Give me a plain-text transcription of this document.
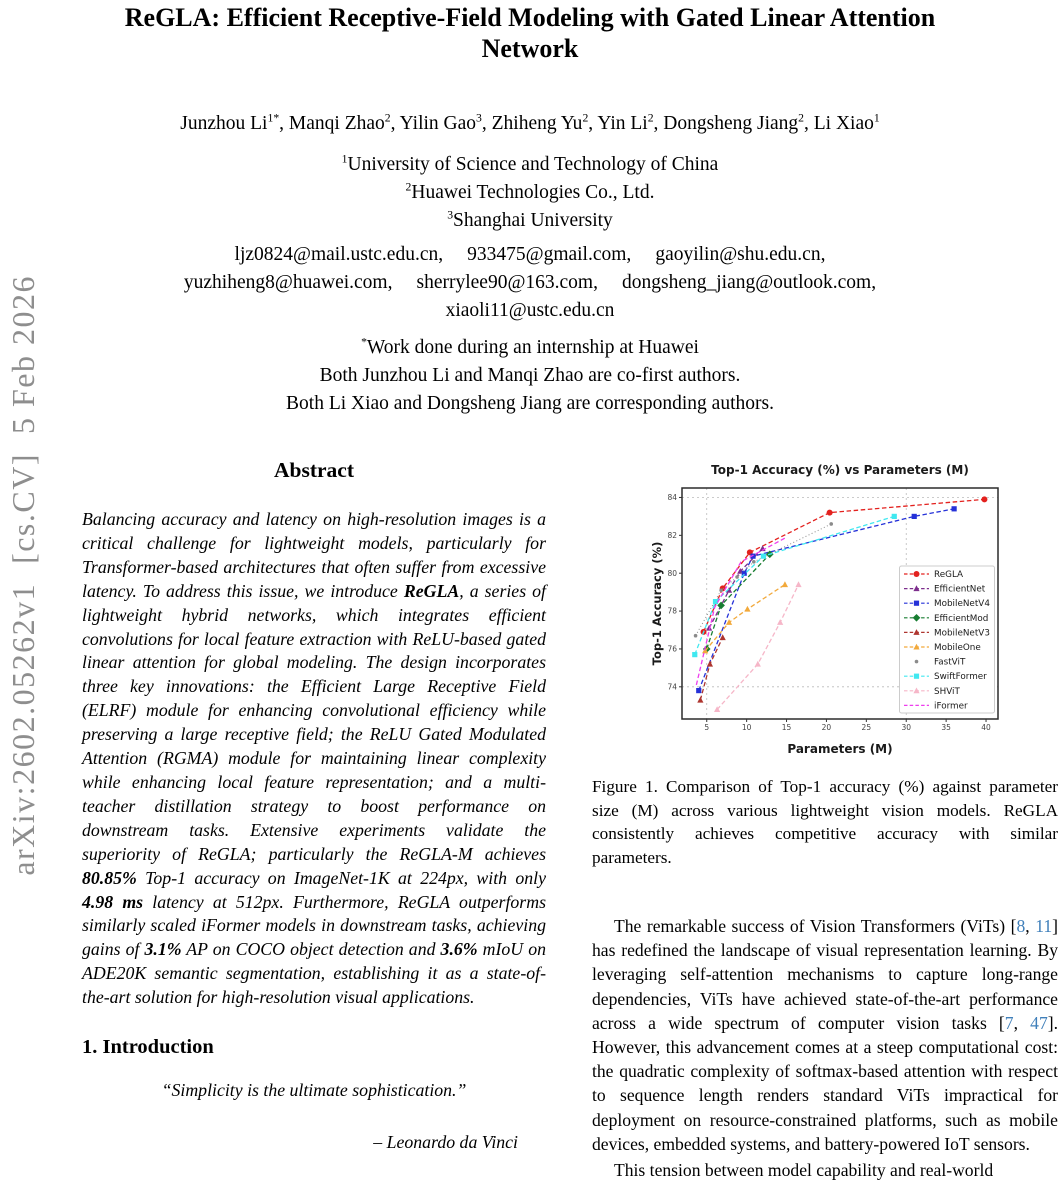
arXiv:2602.05262v1  [cs.CV]  5 Feb 2026
ReGLA: Efficient Receptive-Field Modeling with Gated Linear Attention
Network
Junzhou $Li^{1*}$, Manqi Zhao$^2$, Yilin Gao$^3$, Zhiheng Yu$^2$, Yin Li$^2$, Dongsheng Jiang$^2$, Li Xiao$^1$
$^1$University of Science and Technology of China
$^2$Huawei Technologies Co., Ltd.
$^3$Shanghai University
ljz0824@mail.ustc.edu.cn, 933475@gmail.com, gaoyilin@shu.edu.cn,
yuzhiheng8@huawei.com, sherrylee90@163.com, dongsheng_jiang@outlook.com,
xiaoli11@ustc.edu.cn
*Work done during an internship at Huawei
Both Junzhou Li and Manqi Zhao are co-first authors.
Both Li Xiao and Dongsheng Jiang are corresponding authors.
Abstract

Balancing accuracy and latency on high-resolution images is a critical challenge for lightweight models, particularly for Transformer-based architectures that often suffer from excessive latency. To address this issue, we introduce ReGLA, a series of lightweight hybrid networks, which integrates efficient convolutions for local feature extraction with ReLU-based gated linear attention for global modeling. The design incorporates three key innovations: the Efficient Large Receptive Field (ELRF) module for enhancing convolutional efficiency while preserving a large receptive field; the ReLU Gated Modulated Attention (RGMA) module for maintaining linear complexity while enhancing local feature representation; and a multi-teacher distillation strategy to boost performance on downstream tasks. Extensive experiments validate the superiority of ReGLA; particularly the ReGLA-M achieves 80.85% Top-1 accuracy on ImageNet-1K at 224px, with only 4.98 ms latency at 512px. Furthermore, ReGLA outperforms similarly scaled iFormer models in downstream tasks, achieving gains of 3.1% AP on COCO object detection and 3.6% mIoU on ADE20K semantic segmentation, establishing it as a state-of-the-art solution for high-resolution visual applications.

1. Introduction

“Simplicity is the ultimate sophistication.”

– Leonardo da Vinci

5	10	15	20	25	30	35	40
74
76
78
80
82
84
Top-1 Accuracy (%) vs Parameters (M)
Parameters (M)
Top-1 Accuracy (%)	ReGLA
EfficientNet
MobileNetV4
EfficientMod
MobileNetV3
MobileOne
FastViT
SwiftFormer
SHViT
iFormer

Figure 1. Comparison of Top-1 accuracy (%) against parameter size (M) across various lightweight vision models. ReGLA consistently achieves competitive accuracy with similar parameters.

The remarkable success of Vision Transformers (ViTs) [8, 11] has redefined the landscape of visual representation learning. By leveraging self-attention mechanisms to capture long-range dependencies, ViTs have achieved state-of-the-art performance across a wide spectrum of computer vision tasks [7, 47]. However, this advancement comes at a steep computational cost: the quadratic complexity of softmax-based attention with respect to sequence length renders standard ViTs impractical for deployment on resource-constrained platforms, such as mobile devices, embedded systems, and battery-powered IoT sensors.

This tension between model capability and real-world
